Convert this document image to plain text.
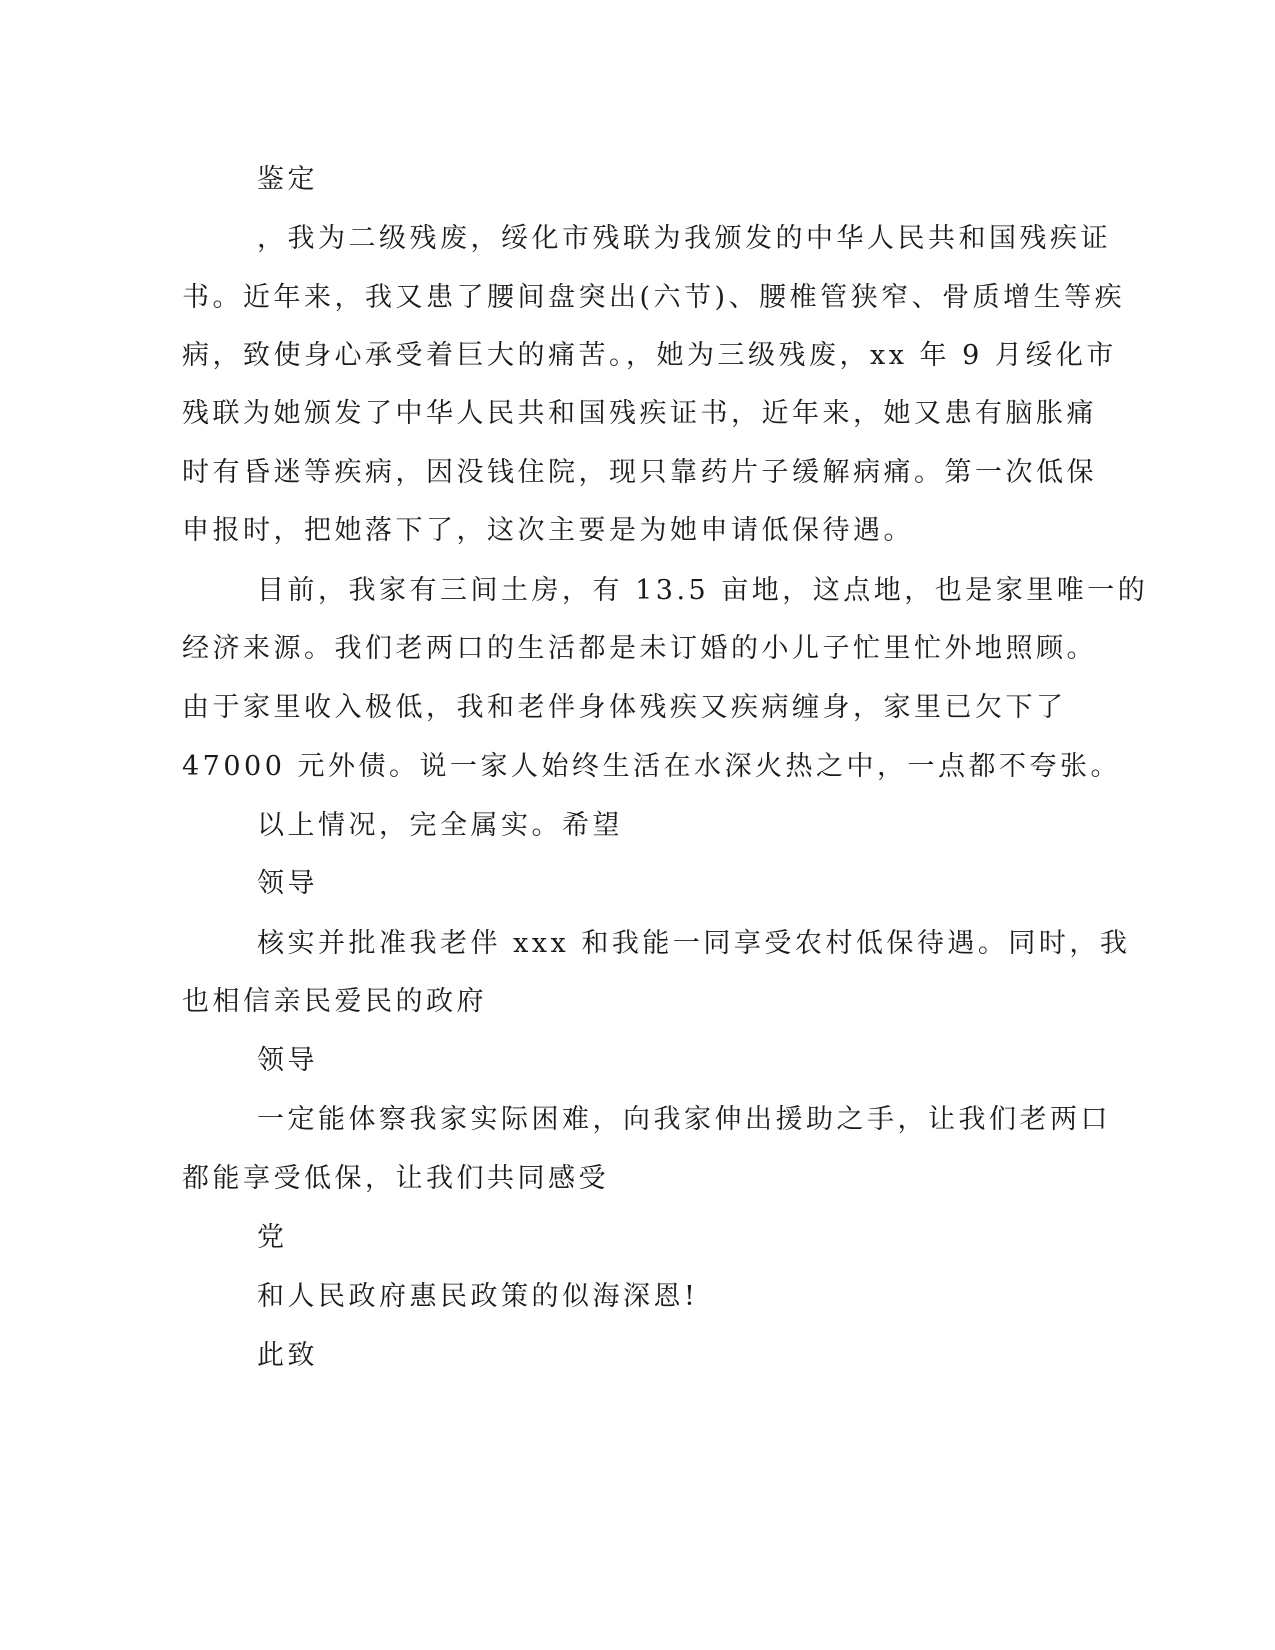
鉴定
，我为二级残废，绥化市残联为我颁发的中华人民共和国残疾证
书。近年来，我又患了腰间盘突出(六节)、腰椎管狭窄、骨质增生等疾
病，致使身心承受着巨大的痛苦。，她为三级残废，xx 年 9 月绥化市
残联为她颁发了中华人民共和国残疾证书，近年来，她又患有脑胀痛
时有昏迷等疾病，因没钱住院，现只靠药片子缓解病痛。第一次低保
申报时，把她落下了，这次主要是为她申请低保待遇。
目前，我家有三间土房，有 13.5 亩地，这点地，也是家里唯一的
经济来源。我们老两口的生活都是未订婚的小儿子忙里忙外地照顾。
由于家里收入极低，我和老伴身体残疾又疾病缠身，家里已欠下了
47000 元外债。说一家人始终生活在水深火热之中，一点都不夸张。
以上情况，完全属实。希望
领导
核实并批准我老伴 xxx 和我能一同享受农村低保待遇。同时，我
也相信亲民爱民的政府
领导
一定能体察我家实际困难，向我家伸出援助之手，让我们老两口
都能享受低保，让我们共同感受
党
和人民政府惠民政策的似海深恩!
此致
